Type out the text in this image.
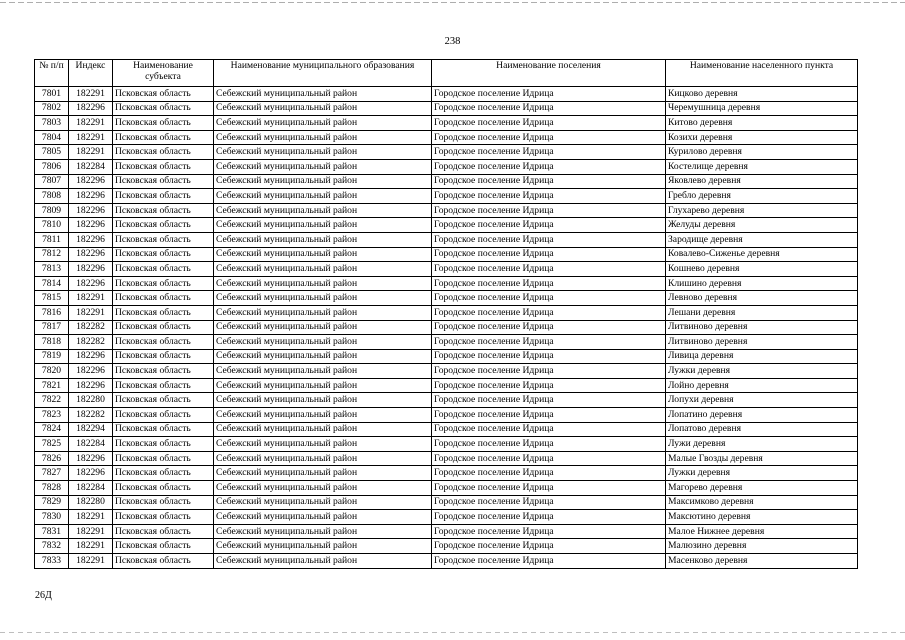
238
№ п/п	Индекс	Наименование субъекта	Наименование муниципального образования	Наименование поселения	Наименование населенного пункта
7801	182291	Псковская область	Себежский муниципальный район	Городское поселение Идрица	Кицково деревня
7802	182296	Псковская область	Себежский муниципальный район	Городское поселение Идрица	Черемушница деревня
7803	182291	Псковская область	Себежский муниципальный район	Городское поселение Идрица	Китово деревня
7804	182291	Псковская область	Себежский муниципальный район	Городское поселение Идрица	Козихи деревня
7805	182291	Псковская область	Себежский муниципальный район	Городское поселение Идрица	Курилово деревня
7806	182284	Псковская область	Себежский муниципальный район	Городское поселение Идрица	Костелище деревня
7807	182296	Псковская область	Себежский муниципальный район	Городское поселение Идрица	Яковлево деревня
7808	182296	Псковская область	Себежский муниципальный район	Городское поселение Идрица	Гребло деревня
7809	182296	Псковская область	Себежский муниципальный район	Городское поселение Идрица	Глухарево деревня
7810	182296	Псковская область	Себежский муниципальный район	Городское поселение Идрица	Желуды деревня
7811	182296	Псковская область	Себежский муниципальный район	Городское поселение Идрица	Зародище деревня
7812	182296	Псковская область	Себежский муниципальный район	Городское поселение Идрица	Ковалево-Сиженье деревня
7813	182296	Псковская область	Себежский муниципальный район	Городское поселение Идрица	Кошнево деревня
7814	182296	Псковская область	Себежский муниципальный район	Городское поселение Идрица	Клишино деревня
7815	182291	Псковская область	Себежский муниципальный район	Городское поселение Идрица	Левново деревня
7816	182291	Псковская область	Себежский муниципальный район	Городское поселение Идрица	Лешани деревня
7817	182282	Псковская область	Себежский муниципальный район	Городское поселение Идрица	Литвиново деревня
7818	182282	Псковская область	Себежский муниципальный район	Городское поселение Идрица	Литвиново деревня
7819	182296	Псковская область	Себежский муниципальный район	Городское поселение Идрица	Ливица деревня
7820	182296	Псковская область	Себежский муниципальный район	Городское поселение Идрица	Лужки деревня
7821	182296	Псковская область	Себежский муниципальный район	Городское поселение Идрица	Лойно деревня
7822	182280	Псковская область	Себежский муниципальный район	Городское поселение Идрица	Лопухи деревня
7823	182282	Псковская область	Себежский муниципальный район	Городское поселение Идрица	Лопатино деревня
7824	182294	Псковская область	Себежский муниципальный район	Городское поселение Идрица	Лопатово деревня
7825	182284	Псковская область	Себежский муниципальный район	Городское поселение Идрица	Лужи деревня
7826	182296	Псковская область	Себежский муниципальный район	Городское поселение Идрица	Малые Гвозды деревня
7827	182296	Псковская область	Себежский муниципальный район	Городское поселение Идрица	Лужки деревня
7828	182284	Псковская область	Себежский муниципальный район	Городское поселение Идрица	Магорево деревня
7829	182280	Псковская область	Себежский муниципальный район	Городское поселение Идрица	Максимково деревня
7830	182291	Псковская область	Себежский муниципальный район	Городское поселение Идрица	Максютино деревня
7831	182291	Псковская область	Себежский муниципальный район	Городское поселение Идрица	Малое Нижнее деревня
7832	182291	Псковская область	Себежский муниципальный район	Городское поселение Идрица	Малюзино деревня
7833	182291	Псковская область	Себежский муниципальный район	Городское поселение Идрица	Масенково деревня
26Д
